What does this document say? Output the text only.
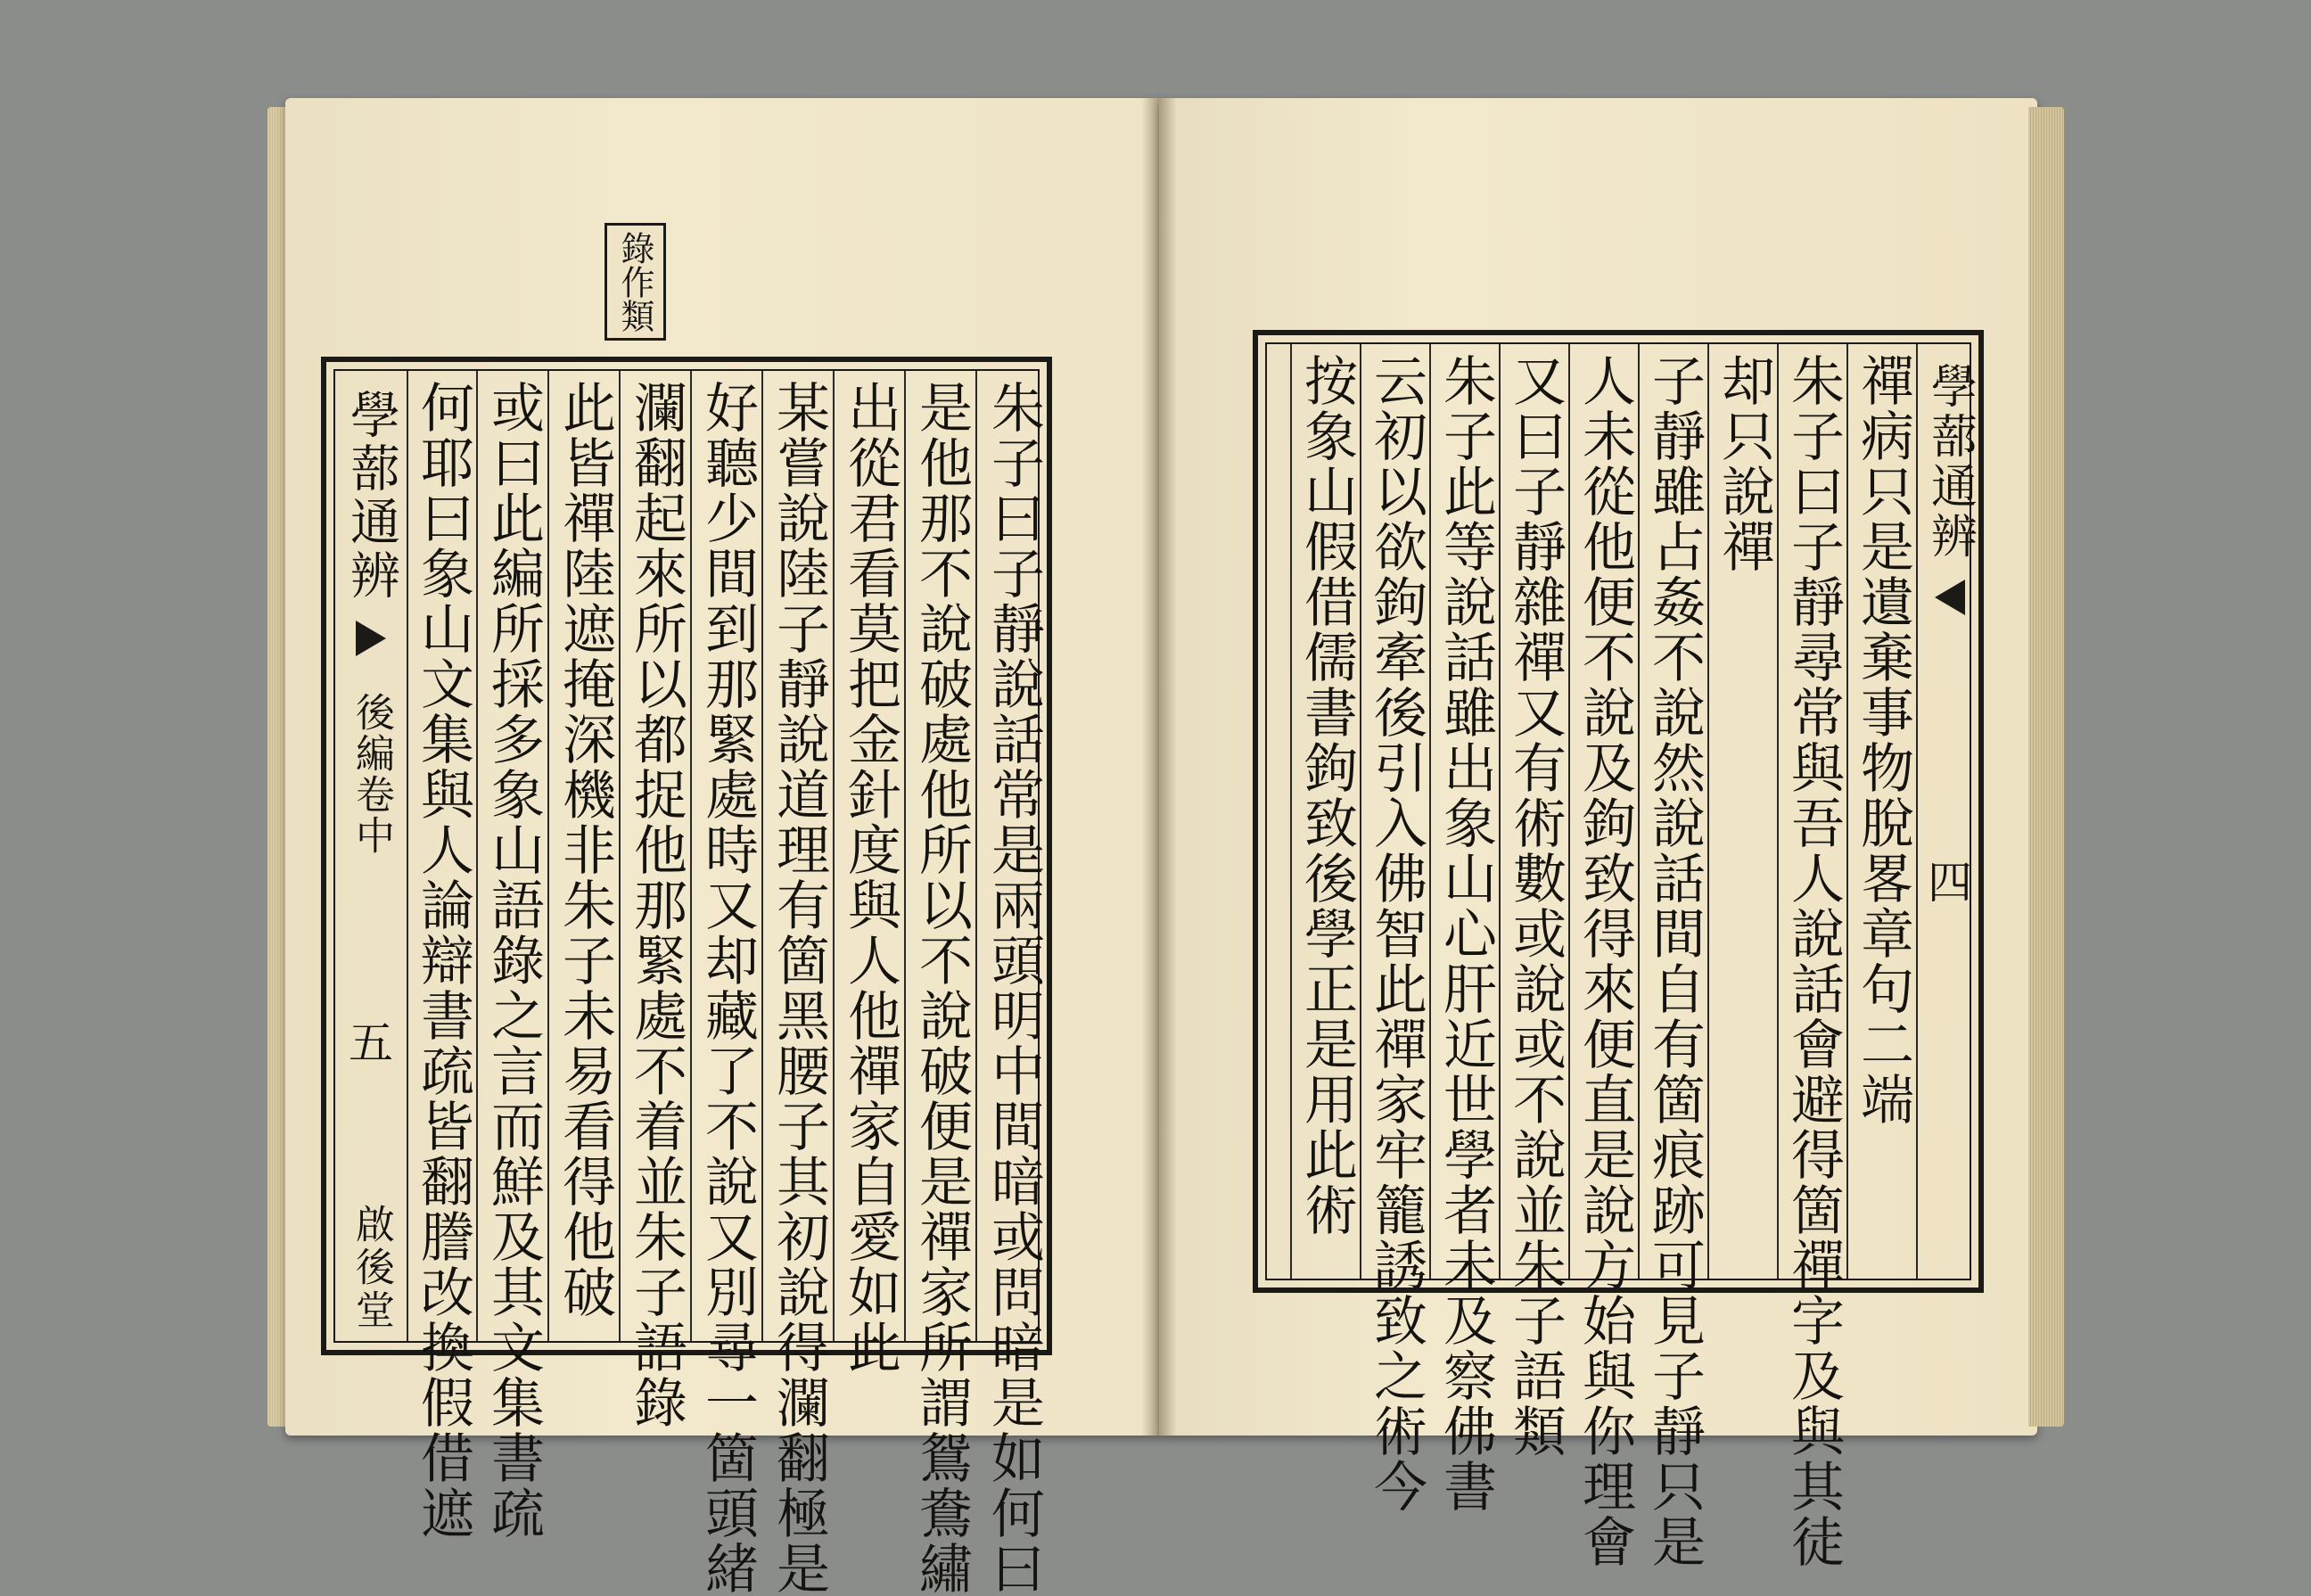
錄作類
學蔀通辨
後編卷中
五
啟後堂	朱子曰子靜說話常是兩頭明中間暗或問暗是如何曰
是他那不說破處他所以不說破便是禪家所謂鴛鴦繡
出從君看莫把金針度與人他禪家自愛如此
某嘗說陸子靜說道理有箇黑腰子其初說得瀾翻極是
好聽少間到那緊處時又却藏了不說又別尋一箇頭緒
瀾翻起來所以都捉他那緊處不着並朱子語錄
此皆禪陸遮掩深機非朱子未易看得他破
或曰此編所採多象山語錄之言而鮮及其文集書疏
何耶曰象山文集與人論辯書疏皆翻謄改換假借遮	禪病只是遺棄事物脫畧章句二端
朱子曰子靜尋常與吾人說話會避得箇禪字及與其徒
却只說禪
子靜雖占姦不說然說話間自有箇痕跡可見子靜只是
人未從他便不說及鉤致得來便直是說方始與你理會
又曰子靜雜禪又有術數或說或不說並朱子語類
朱子此等說話雖出象山心肝近世學者未及察佛書
云初以欲鉤牽後引入佛智此禪家牢籠誘致之術今
按象山假借儒書鉤致後學正是用此術	學蔀通辨
四
